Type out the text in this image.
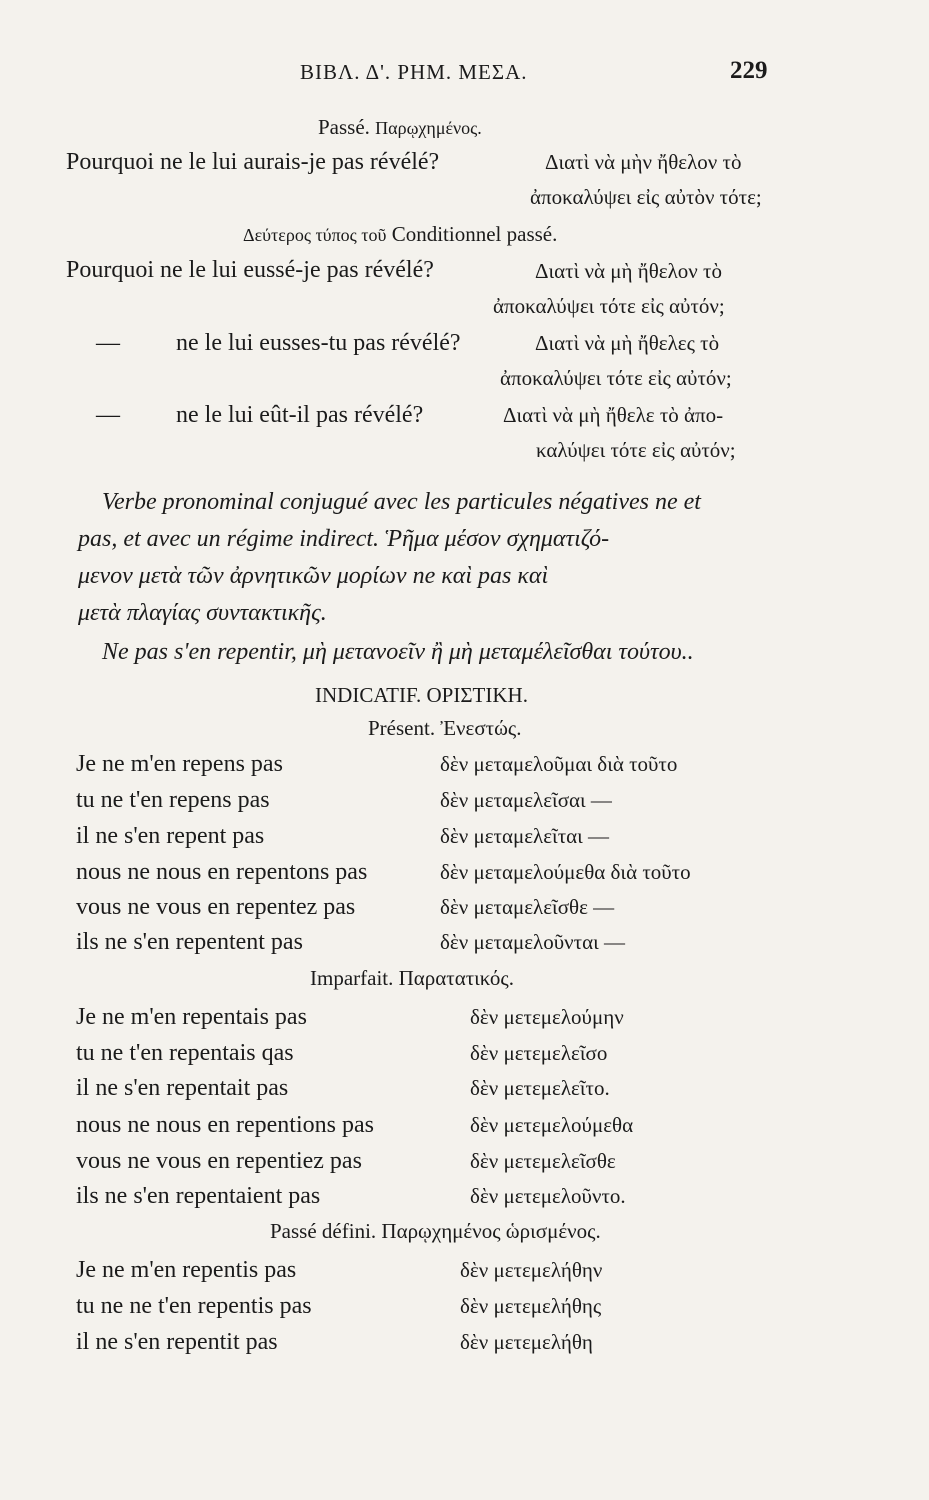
ΒΙΒΛ. Δ'. ΡΗΜ. ΜΕΣΑ.	229
Passé. Παρῳχημένος.
Pourquoi ne le lui aurais-je pas révélé?	Διατὶ νὰ μὴν ἤθελον τὸ
ἀποκαλύψει εἰς αὐτὸν τότε;
Δεύτερος τύπος τοῦ Conditionnel passé.
Pourquoi ne le lui eussé-je pas révélé?	Διατὶ νὰ μὴ ἤθελον τὸ
ἀποκαλύψει τότε εἰς αὐτόν;
— ne le lui eusses-tu pas révélé?	Διατὶ νὰ μὴ ἤθελες τὸ
ἀποκαλύψει τότε εἰς αὐτόν;
— ne le lui eût-il pas révélé?	Διατὶ νὰ μὴ ἤθελε τὸ ἀπο-
καλύψει τότε εἰς αὐτόν;
Verbe pronominal conjugué avec les particules négatives ne et
pas, et avec un régime indirect. Ῥῆμα μέσον σχηματιζό-
μενον μετὰ τῶν ἀρνητικῶν μορίων ne καὶ pas καὶ
μετὰ πλαγίας συντακτικῆς.
Ne pas s'en repentir, μὴ μετανοεῖν ἢ μὴ μεταμέλεῖσθαι τούτου..
INDICATIF. ΟΡΙΣΤΙΚΗ.
Présent. Ἐνεστώς.
Je ne m'en repens pas	δὲν μεταμελοῦμαι διὰ τοῦτο
tu ne t'en repens pas	δὲν μεταμελεῖσαι —
il ne s'en repent pas	δὲν μεταμελεῖται —
nous ne nous en repentons pas	δὲν μεταμελούμεθα διὰ τοῦτο
vous ne vous en repentez pas	δὲν μεταμελεῖσθε —
ils ne s'en repentent pas	δὲν μεταμελοῦνται —
Imparfait. Παρατατικός.
Je ne m'en repentais pas	δὲν μετεμελούμην
tu ne t'en repentais qas	δὲν μετεμελεῖσο
il ne s'en repentait pas	δὲν μετεμελεῖτο.
nous ne nous en repentions pas	δὲν μετεμελούμεθα
vous ne vous en repentiez pas	δὲν μετεμελεῖσθε
ils ne s'en repentaient pas	δὲν μετεμελοῦντο.
Passé défini. Παρῳχημένος ὡρισμένος.
Je ne m'en repentis pas	δὲν μετεμελήθην
tu ne ne t'en repentis pas	δὲν μετεμελήθης
il ne s'en repentit pas	δὲν μετεμελήθη
